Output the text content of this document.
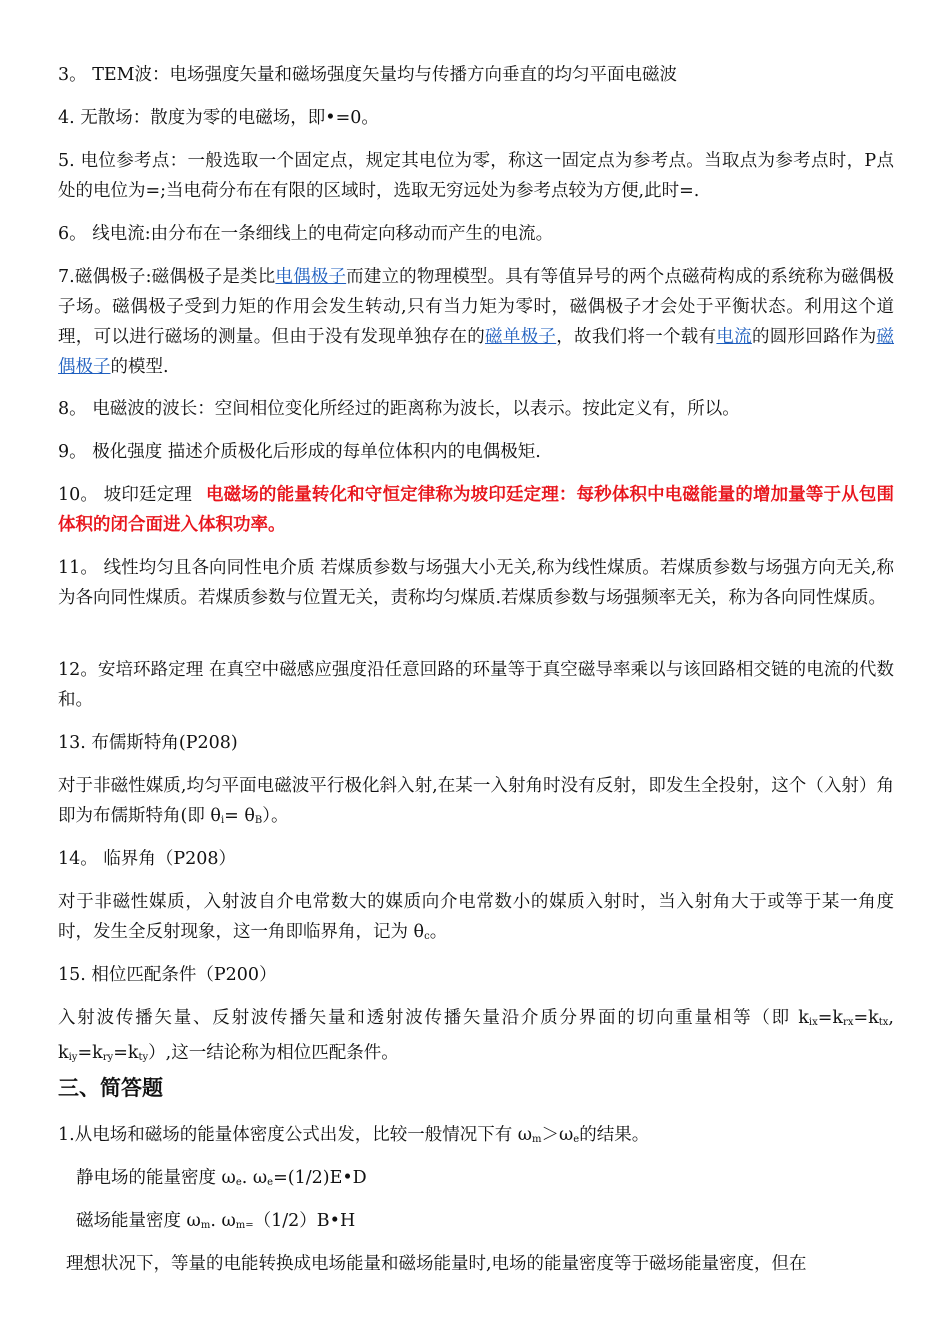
3。 TEM波：电场强度矢量和磁场强度矢量均与传播方向垂直的均匀平面电磁波

4. 无散场：散度为零的电磁场，即•=0。

5. 电位参考点：一般选取一个固定点，规定其电位为零，称这一固定点为参考点。当取点为参考点时，P点处的电位为=;当电荷分布在有限的区域时，选取无穷远处为参考点较为方便,此时=.

6。 线电流:由分布在一条细线上的电荷定向移动而产生的电流。

7.磁偶极子:磁偶极子是类比电偶极子而建立的物理模型。具有等值异号的两个点磁荷构成的系统称为磁偶极子场。磁偶极子受到力矩的作用会发生转动,只有当力矩为零时，磁偶极子才会处于平衡状态。利用这个道理，可以进行磁场的测量。但由于没有发现单独存在的磁单极子，故我们将一个载有电流的圆形回路作为磁偶极子的模型.

8。 电磁波的波长：空间相位变化所经过的距离称为波长，以表示。按此定义有，所以。

9。 极化强度 描述介质极化后形成的每单位体积内的电偶极矩.

10。 坡印廷定理 电磁场的能量转化和守恒定律称为坡印廷定理：每秒体积中电磁能量的增加量等于从包围体积的闭合面进入体积功率。

11。 线性均匀且各向同性电介质 若煤质参数与场强大小无关,称为线性煤质。若煤质参数与场强方向无关,称为各向同性煤质。若煤质参数与位置无关，责称均匀煤质.若煤质参数与场强频率无关，称为各向同性煤质。

12。安培环路定理 在真空中磁感应强度沿任意回路的环量等于真空磁导率乘以与该回路相交链的电流的代数和。

13. 布儒斯特角(P208)

对于非磁性媒质,均匀平面电磁波平行极化斜入射,在某一入射角时没有反射，即发生全投射，这个（入射）角即为布儒斯特角(即 $\theta_i= \theta_B$）。

14。 临界角（P208）

对于非磁性媒质，入射波自介电常数大的媒质向介电常数小的媒质入射时，当入射角大于或等于某一角度时，发生全反射现象，这一角即临界角，记为 $\theta_c$。

15. 相位匹配条件（P200）

入射波传播矢量、反射波传播矢量和透射波传播矢量沿介质分界面的切向重量相等（即 $k_{ix}=k_{rx}=k_{tx}$, $k_{iy}=k_{ry}=k_{ty}$）,这一结论称为相位匹配条件。

三、简答题

1.从电场和磁场的能量体密度公式出发，比较一般情况下有 $\omega_m>\omega_e$的结果。

静电场的能量密度 $\omega_e$. $\omega_e=(1/2)E•D$

磁场能量密度 $\omega_m$. $\omega_{m=}(1/2)B•H$

理想状况下，等量的电能转换成电场能量和磁场能量时,电场的能量密度等于磁场能量密度，但在
